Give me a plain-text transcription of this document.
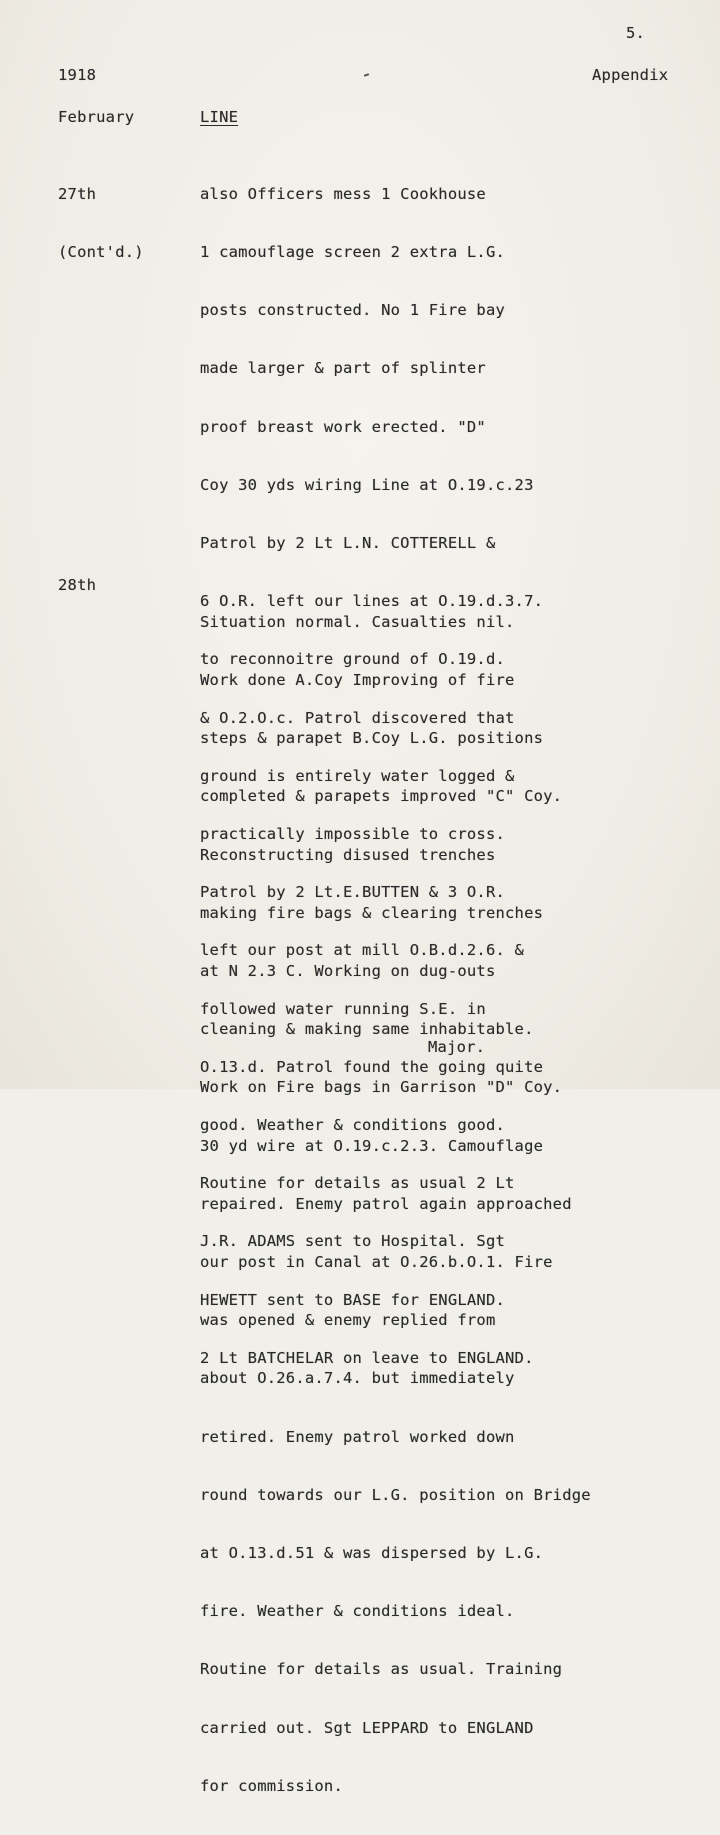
5.
1918	Appendix
February	LINE

27th

(Cont'd.)

also Officers mess 1 Cookhouse

1 camouflage screen 2 extra L.G.

posts constructed. No 1 Fire bay

made larger & part of splinter

proof breast work erected. "D"

Coy 30 yds wiring Line at O.19.c.23

Patrol by 2 Lt L.N. COTTERELL &

6 O.R. left our lines at O.19.d.3.7.

to reconnoitre ground of O.19.d.

& O.2.O.c. Patrol discovered that

ground is entirely water logged &

practically impossible to cross.

Patrol by 2 Lt.E.BUTTEN & 3 O.R.

left our post at mill O.B.d.2.6. &

followed water running S.E. in

O.13.d. Patrol found the going quite

good. Weather & conditions good.

Routine for details as usual 2 Lt

J.R. ADAMS sent to Hospital. Sgt

HEWETT sent to BASE for ENGLAND.

2 Lt BATCHELAR on leave to ENGLAND.

28th

Situation normal. Casualties nil.

Work done A.Coy Improving of fire

steps & parapet B.Coy L.G. positions

completed & parapets improved "C" Coy.

Reconstructing disused trenches

making fire bags & clearing trenches

at N 2.3 C. Working on dug-outs

cleaning & making same inhabitable.

Work on Fire bags in Garrison "D" Coy.

30 yd wire at O.19.c.2.3. Camouflage

repaired. Enemy patrol again approached

our post in Canal at O.26.b.O.1. Fire

was opened & enemy replied from

about O.26.a.7.4. but immediately

retired. Enemy patrol worked down

round towards our L.G. position on Bridge

at O.13.d.51 & was dispersed by L.G.

fire. Weather & conditions ideal.

Routine for details as usual. Training

carried out. Sgt LEPPARD to ENGLAND

for commission.

Major.
